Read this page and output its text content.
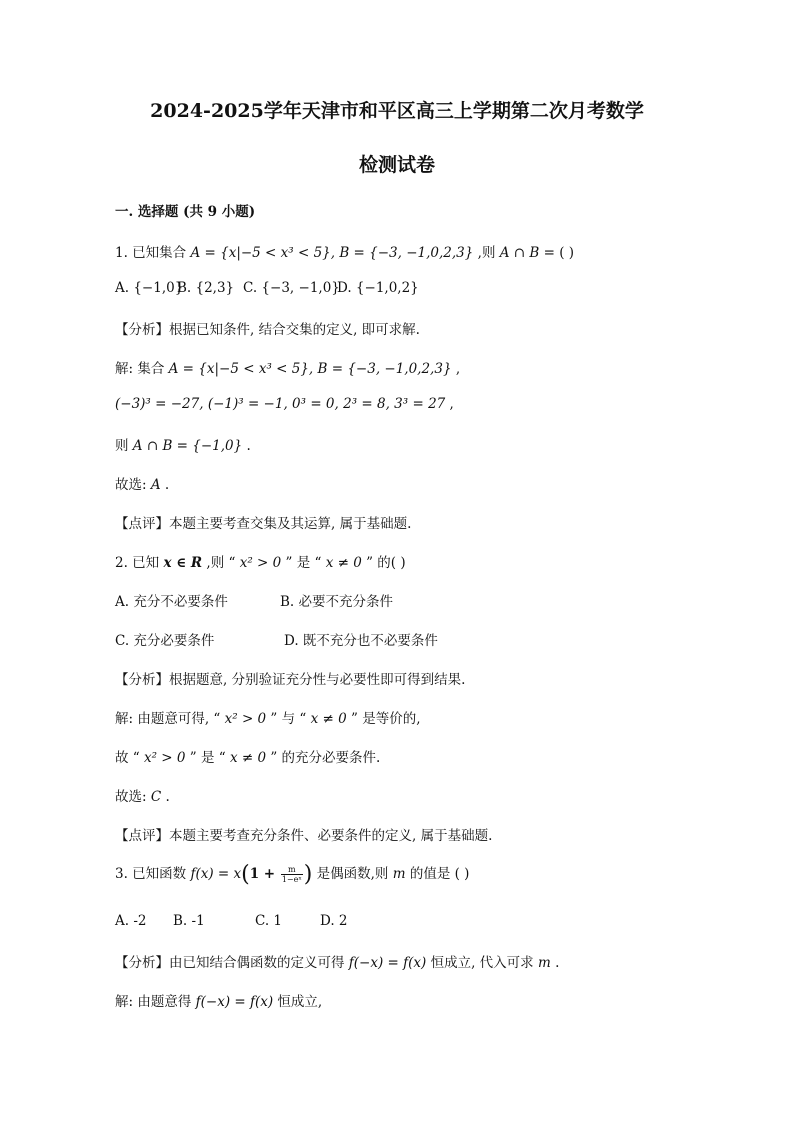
2024-2025学年天津市和平区高三上学期第二次月考数学
检测试卷
一. 选择题 (共 9 小题)
1. 已知集合 A = {x|−5 < x³ < 5}, B = {−3, −1,0,2,3} ,则 A ∩ B = ( )
A. {−1,0}B. {2,3} C. {−3, −1,0}D. {−1,0,2}
【分析】根据已知条件, 结合交集的定义, 即可求解.
解: 集合 A = {x|−5 < x³ < 5}, B = {−3, −1,0,2,3} ,
(−3)³ = −27, (−1)³ = −1, 0³ = 0, 2³ = 8, 3³ = 27 ,
则 A ∩ B = {−1,0} .
故选: A .
【点评】本题主要考查交集及其运算, 属于基础题.
2. 已知 x ∈ R ,则 “ x² > 0 ” 是 “ x ≠ 0 ” 的( )
A. 充分不必要条件	B. 必要不充分条件
C. 充分必要条件	D. 既不充分也不必要条件
【分析】根据题意, 分别验证充分性与必要性即可得到结果.
解: 由题意可得, “ x² > 0 ” 与 “ x ≠ 0 ” 是等价的,
故 “ x² > 0 ” 是 “ x ≠ 0 ” 的充分必要条件.
故选: C .
【点评】本题主要考查充分条件、必要条件的定义, 属于基础题.
3. 已知函数 $f(x) = x(1 + \frac{m}{\text{1−eˣ}}$ ) 是偶函数,则 m 的值是 ( )
A. -2 B. -1	C. 1	D. 2
【分析】由已知结合偶函数的定义可得 f(−x) = f(x) 恒成立, 代入可求 m .
解: 由题意得 f(−x) = f(x) 恒成立,
